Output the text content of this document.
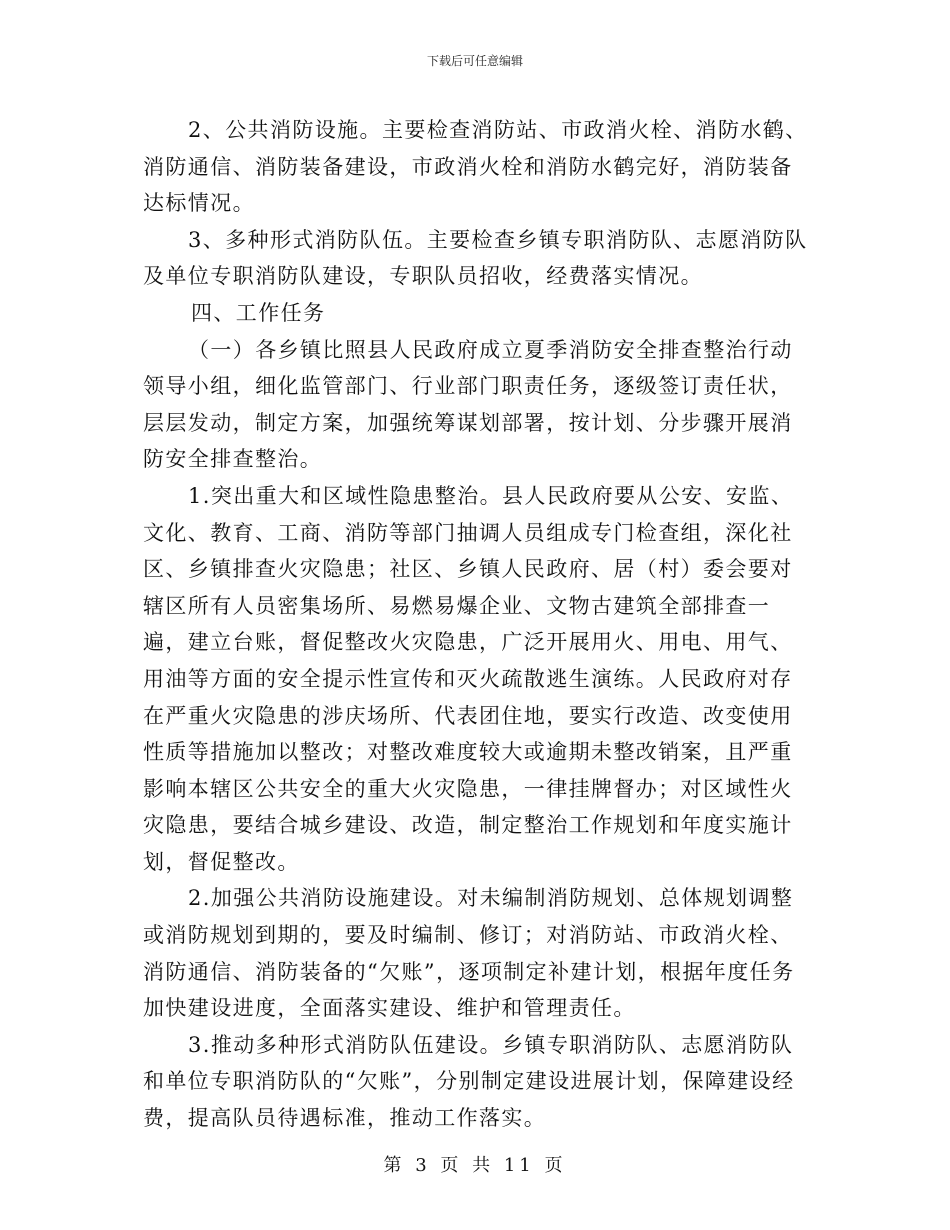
下载后可任意编辑

2、公共消防设施。主要检查消防站、市政消火栓、消防水鹤、消防通信、消防装备建设，市政消火栓和消防水鹤完好，消防装备达标情况。

3、多种形式消防队伍。主要检查乡镇专职消防队、志愿消防队及单位专职消防队建设，专职队员招收，经费落实情况。

四、工作任务

（一）各乡镇比照县人民政府成立夏季消防安全排查整治行动领导小组，细化监管部门、行业部门职责任务，逐级签订责任状，层层发动，制定方案，加强统筹谋划部署，按计划、分步骤开展消防安全排查整治。

1.突出重大和区域性隐患整治。县人民政府要从公安、安监、文化、教育、工商、消防等部门抽调人员组成专门检查组，深化社区、乡镇排查火灾隐患；社区、乡镇人民政府、居（村）委会要对辖区所有人员密集场所、易燃易爆企业、文物古建筑全部排查一遍，建立台账，督促整改火灾隐患，广泛开展用火、用电、用气、用油等方面的安全提示性宣传和灭火疏散逃生演练。人民政府对存在严重火灾隐患的涉庆场所、代表团住地，要实行改造、改变使用性质等措施加以整改；对整改难度较大或逾期未整改销案，且严重影响本辖区公共安全的重大火灾隐患，一律挂牌督办；对区域性火灾隐患，要结合城乡建设、改造，制定整治工作规划和年度实施计划，督促整改。

2.加强公共消防设施建设。对未编制消防规划、总体规划调整或消防规划到期的，要及时编制、修订；对消防站、市政消火栓、消防通信、消防装备的“欠账”，逐项制定补建计划，根据年度任务加快建设进度，全面落实建设、维护和管理责任。

3.推动多种形式消防队伍建设。乡镇专职消防队、志愿消防队和单位专职消防队的“欠账”，分别制定建设进展计划，保障建设经费，提高队员待遇标准，推动工作落实。

第 3 页 共 11 页
